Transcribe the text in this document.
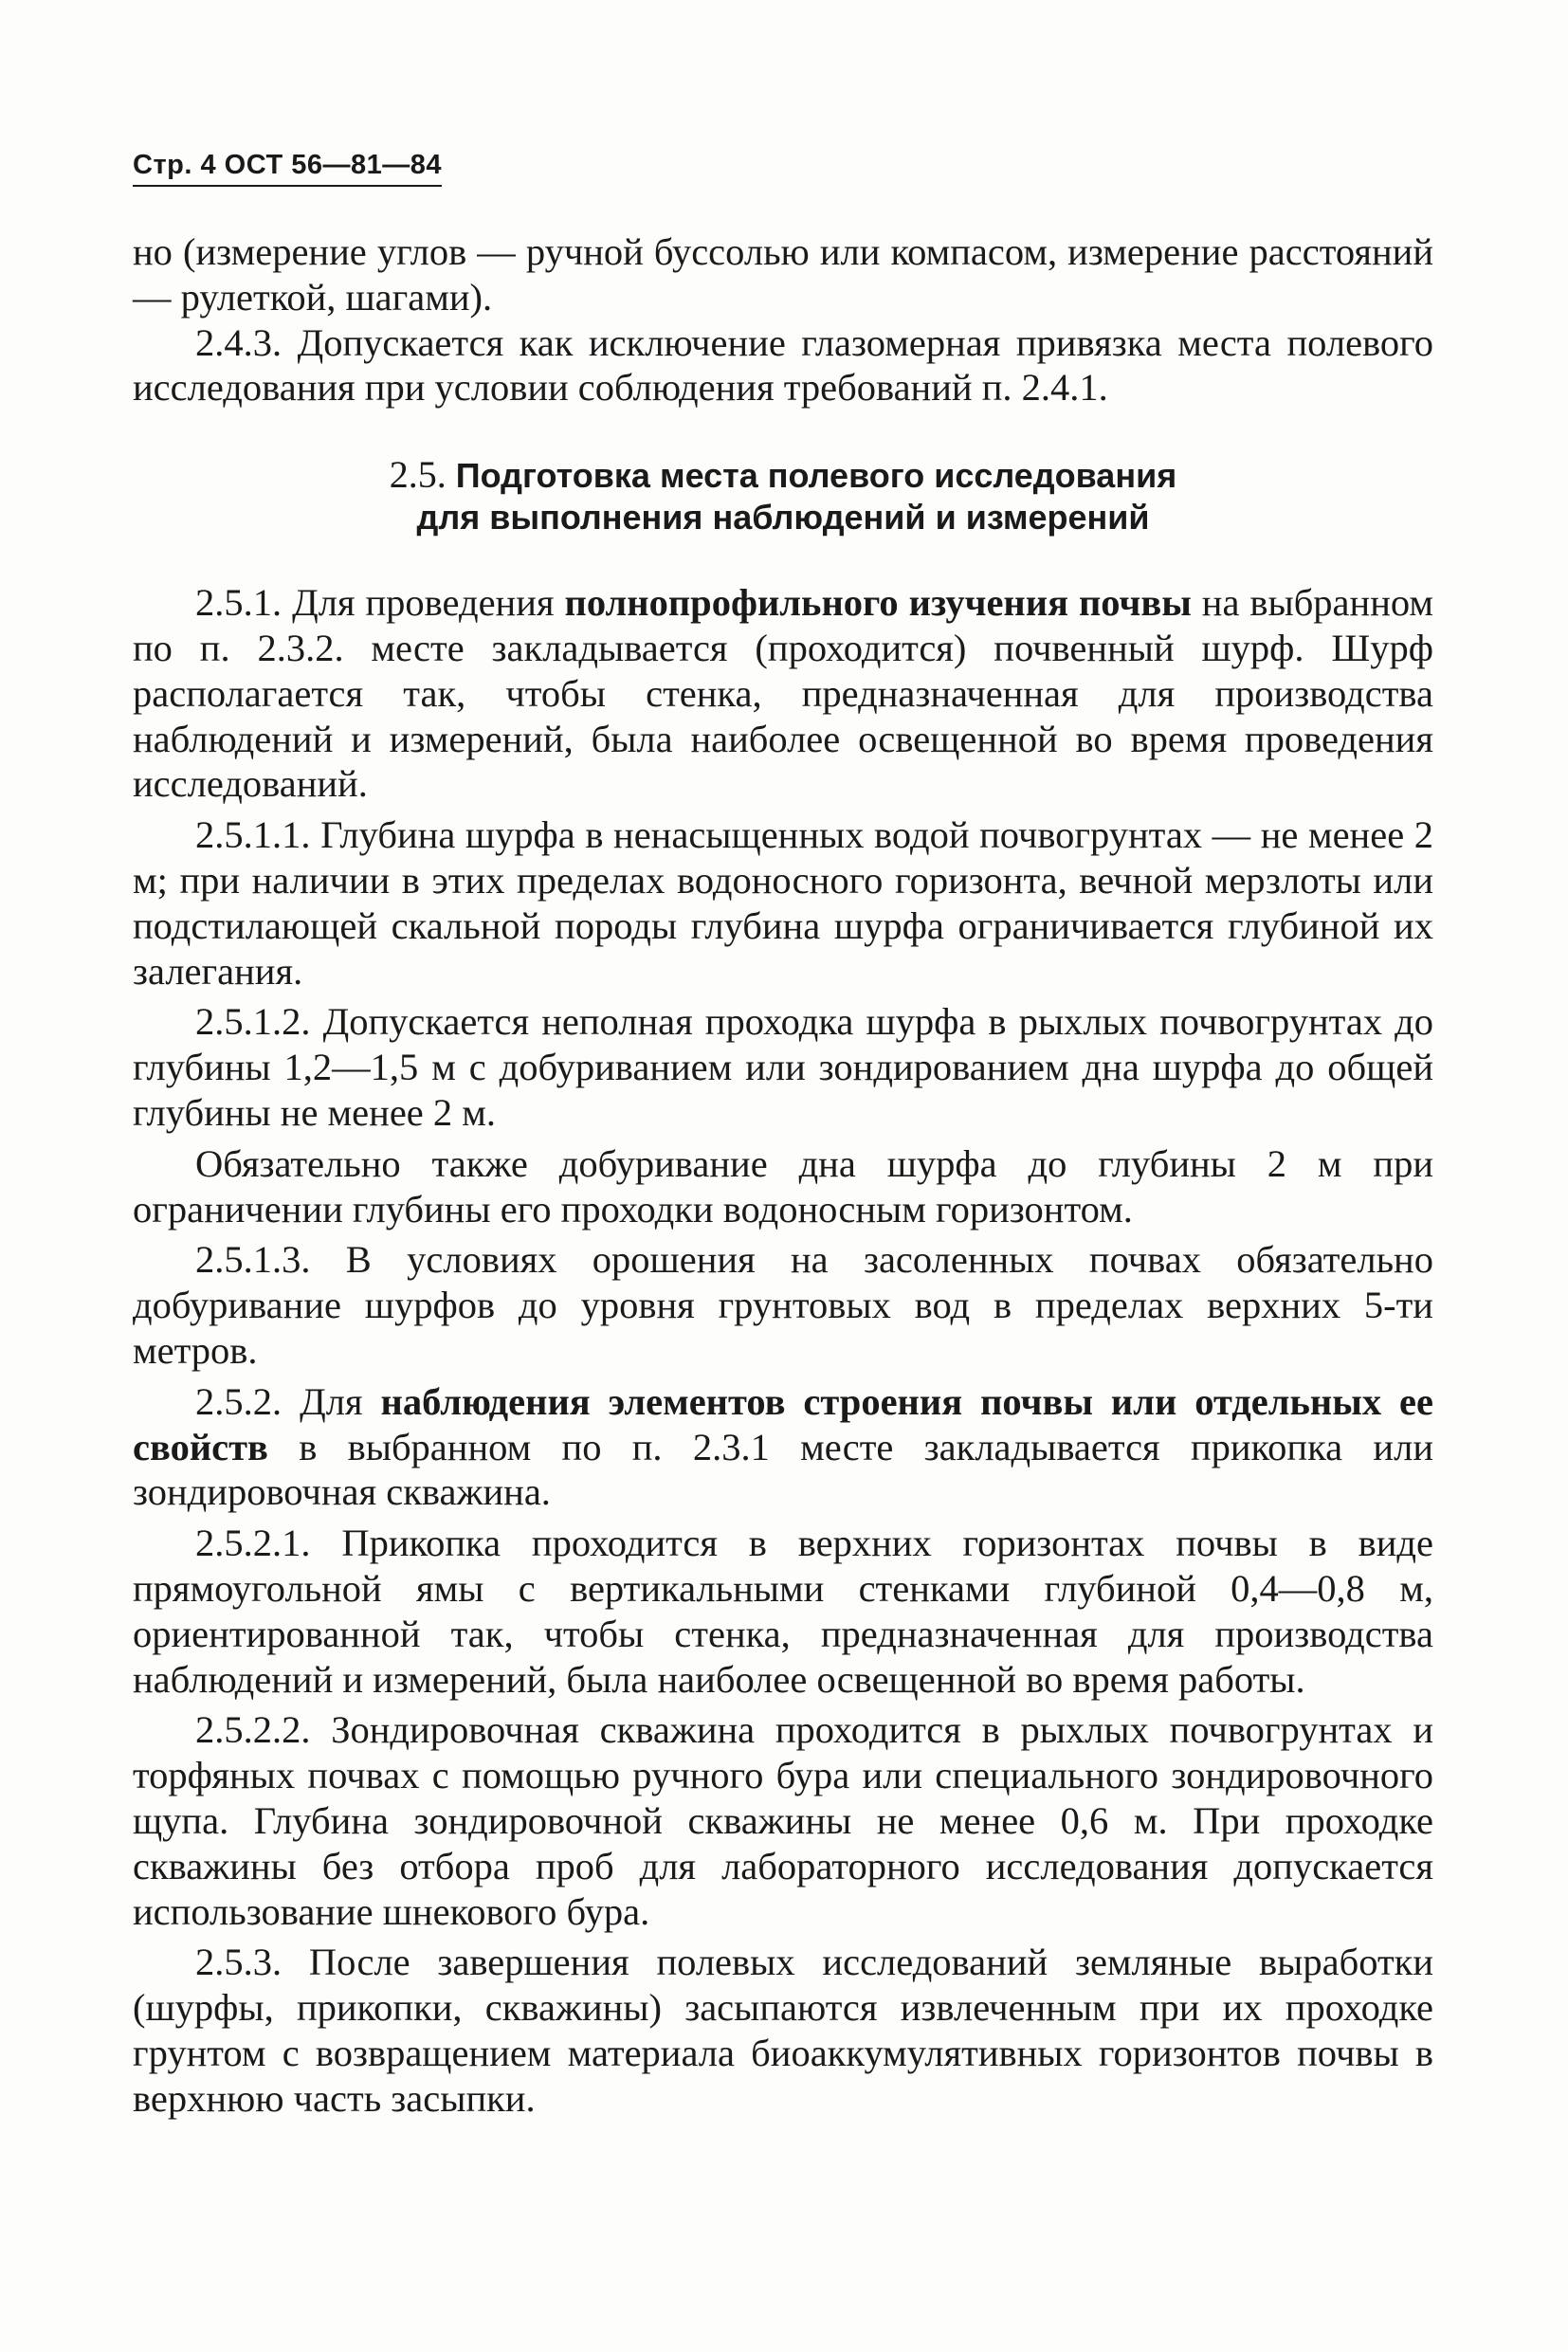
Стр. 4 ОСТ 56—81—84

но (измерение углов — ручной буссолью или компасом, измерение расстояний — рулеткой, шагами).

2.4.3. Допускается как исключение глазомерная привязка места полевого исследования при условии соблюдения требований п. 2.4.1.

2.5. Подготовка места полевого исследования
для выполнения наблюдений и измерений

2.5.1. Для проведения полнопрофильного изучения почвы на выбранном по п. 2.3.2. месте закладывается (проходится) почвенный шурф. Шурф располагается так, чтобы стенка, предназначенная для производства наблюдений и измерений, была наиболее освещенной во время проведения исследований.

2.5.1.1. Глубина шурфа в ненасыщенных водой почвогрунтах — не менее 2 м; при наличии в этих пределах водоносного горизонта, вечной мерзлоты или подстилающей скальной породы глубина шурфа ограничивается глубиной их залегания.

2.5.1.2. Допускается неполная проходка шурфа в рыхлых почвогрунтах до глубины 1,2—1,5 м с добуриванием или зондированием дна шурфа до общей глубины не менее 2 м.

Обязательно также добуривание дна шурфа до глубины 2 м при ограничении глубины его проходки водоносным горизонтом.

2.5.1.3. В условиях орошения на засоленных почвах обязательно добуривание шурфов до уровня грунтовых вод в пределах верхних 5-ти метров.

2.5.2. Для наблюдения элементов строения почвы или отдельных ее свойств в выбранном по п. 2.3.1 месте закладывается прикопка или зондировочная скважина.

2.5.2.1. Прикопка проходится в верхних горизонтах почвы в виде прямоугольной ямы с вертикальными стенками глубиной 0,4—0,8 м, ориентированной так, чтобы стенка, предназначенная для производства наблюдений и измерений, была наиболее освещенной во время работы.

2.5.2.2. Зондировочная скважина проходится в рыхлых почвогрунтах и торфяных почвах с помощью ручного бура или специального зондировочного щупа. Глубина зондировочной скважины не менее 0,6 м. При проходке скважины без отбора проб для лабораторного исследования допускается использование шнекового бура.

2.5.3. После завершения полевых исследований земляные выработки (шурфы, прикопки, скважины) засыпаются извлеченным при их проходке грунтом с возвращением материала биоаккумулятивных горизонтов почвы в верхнюю часть засыпки.
